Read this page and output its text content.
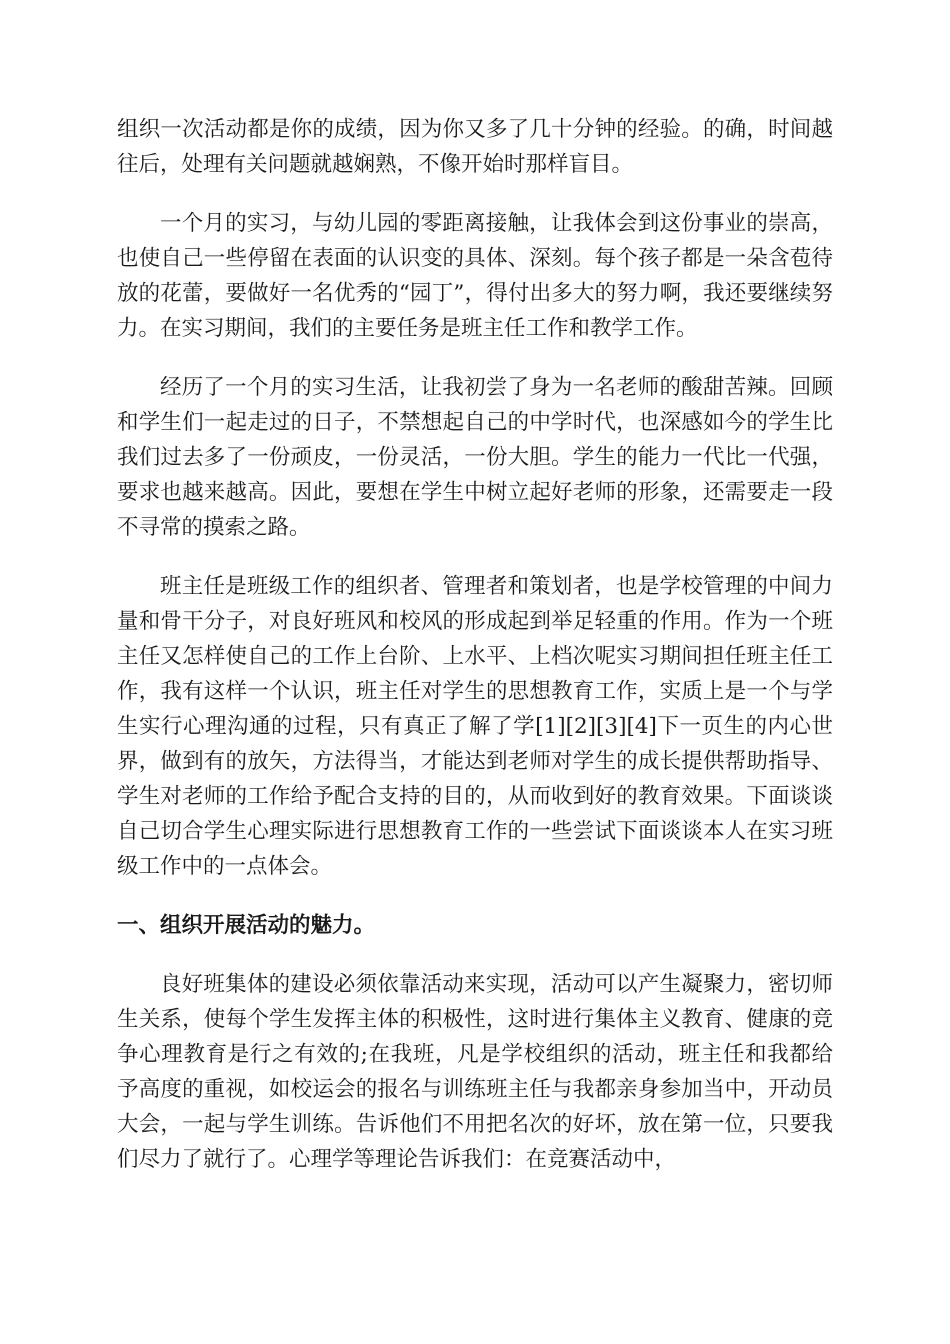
组织一次活动都是你的成绩，因为你又多了几十分钟的经验。的确，时间越往后，处理有关问题就越娴熟，不像开始时那样盲目。

一个月的实习，与幼儿园的零距离接触，让我体会到这份事业的崇高，也使自己一些停留在表面的认识变的具体、深刻。每个孩子都是一朵含苞待放的花蕾，要做好一名优秀的“园丁”，得付出多大的努力啊，我还要继续努力。在实习期间，我们的主要任务是班主任工作和教学工作。

经历了一个月的实习生活，让我初尝了身为一名老师的酸甜苦辣。回顾和学生们一起走过的日子，不禁想起自己的中学时代，也深感如今的学生比我们过去多了一份顽皮，一份灵活，一份大胆。学生的能力一代比一代强，要求也越来越高。因此，要想在学生中树立起好老师的形象，还需要走一段不寻常的摸索之路。

班主任是班级工作的组织者、管理者和策划者，也是学校管理的中间力量和骨干分子，对良好班风和校风的形成起到举足轻重的作用。作为一个班主任又怎样使自己的工作上台阶、上水平、上档次呢实习期间担任班主任工作，我有这样一个认识，班主任对学生的思想教育工作，实质上是一个与学生实行心理沟通的过程，只有真正了解了学[1][2][3][4]下一页生的内心世界，做到有的放矢，方法得当，才能达到老师对学生的成长提供帮助指导、学生对老师的工作给予配合支持的目的，从而收到好的教育效果。下面谈谈自己切合学生心理实际进行思想教育工作的一些尝试下面谈谈本人在实习班级工作中的一点体会。

一、组织开展活动的魅力。

良好班集体的建设必须依靠活动来实现，活动可以产生凝聚力，密切师生关系，使每个学生发挥主体的积极性，这时进行集体主义教育、健康的竞争心理教育是行之有效的;在我班，凡是学校组织的活动，班主任和我都给予高度的重视，如校运会的报名与训练班主任与我都亲身参加当中，开动员大会，一起与学生训练。告诉他们不用把名次的好坏，放在第一位，只要我们尽力了就行了。心理学等理论告诉我们：在竞赛活动中，
